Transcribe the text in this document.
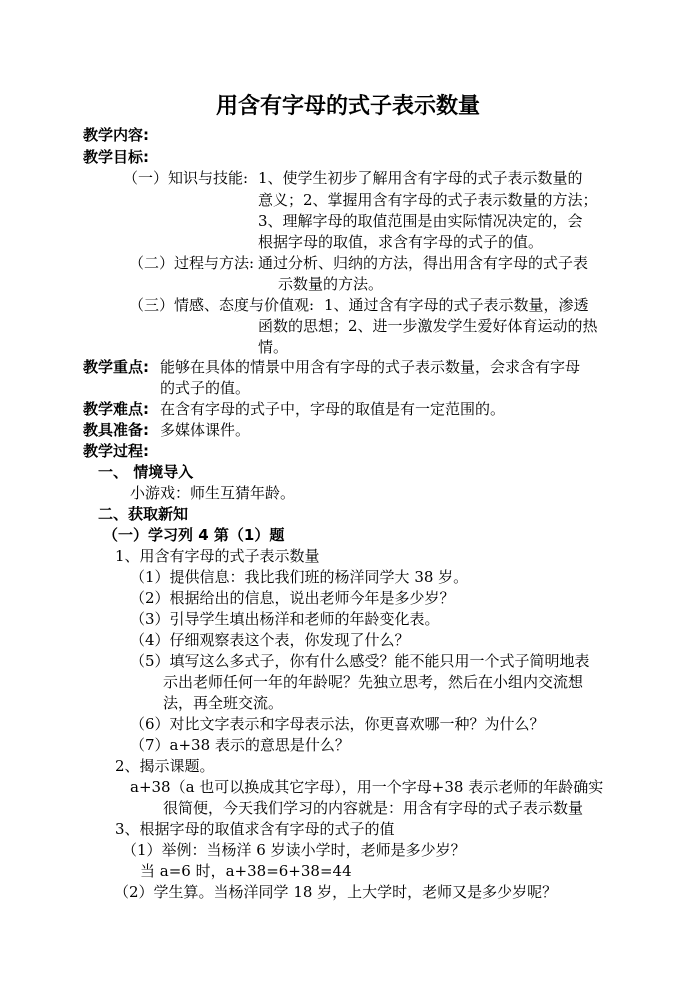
用含有字母的式子表示数量
教学内容:
教学目标:
（一）知识与技能: 1、使学生初步了解用含有字母的式子表示数量的
意义；2、掌握用含有字母的式子表示数量的方法；
3、理解字母的取值范围是由实际情况决定的，会
根据字母的取值，求含有字母的式子的值。
（二）过程与方法: 通过分析、归纳的方法，得出用含有字母的式子表
示数量的方法。
（三）情感、态度与价值观: 1、通过含有字母的式子表示数量，渗透
函数的思想；2、进一步激发学生爱好体育运动的热
情。
教学重点: 能够在具体的情景中用含有字母的式子表示数量，会求含有字母
的式子的值。
教学难点: 在含有字母的式子中，字母的取值是有一定范围的。
教具准备: 多媒体课件。
教学过程:
一、 情境导入
小游戏：师生互猜年龄。
二、获取新知
（一）学习列 4 第（1）题
1、用含有字母的式子表示数量
（1）提供信息：我比我们班的杨洋同学大 38 岁。
（2）根据给出的信息，说出老师今年是多少岁？
（3）引导学生填出杨洋和老师的年龄变化表。
（4）仔细观察表这个表，你发现了什么？
（5）填写这么多式子，你有什么感受？能不能只用一个式子简明地表
示出老师任何一年的年龄呢？先独立思考，然后在小组内交流想
法，再全班交流。
（6）对比文字表示和字母表示法，你更喜欢哪一种？为什么？
（7）a+38 表示的意思是什么？
2、揭示课题。
a+38（a 也可以换成其它字母），用一个字母+38 表示老师的年龄确实
很简便，今天我们学习的内容就是：用含有字母的式子表示数量
3、根据字母的取值求含有字母的式子的值
（1）举例：当杨洋 6 岁读小学时，老师是多少岁？
当 a=6 时，a+38=6+38=44
（2）学生算。当杨洋同学 18 岁，上大学时，老师又是多少岁呢？
